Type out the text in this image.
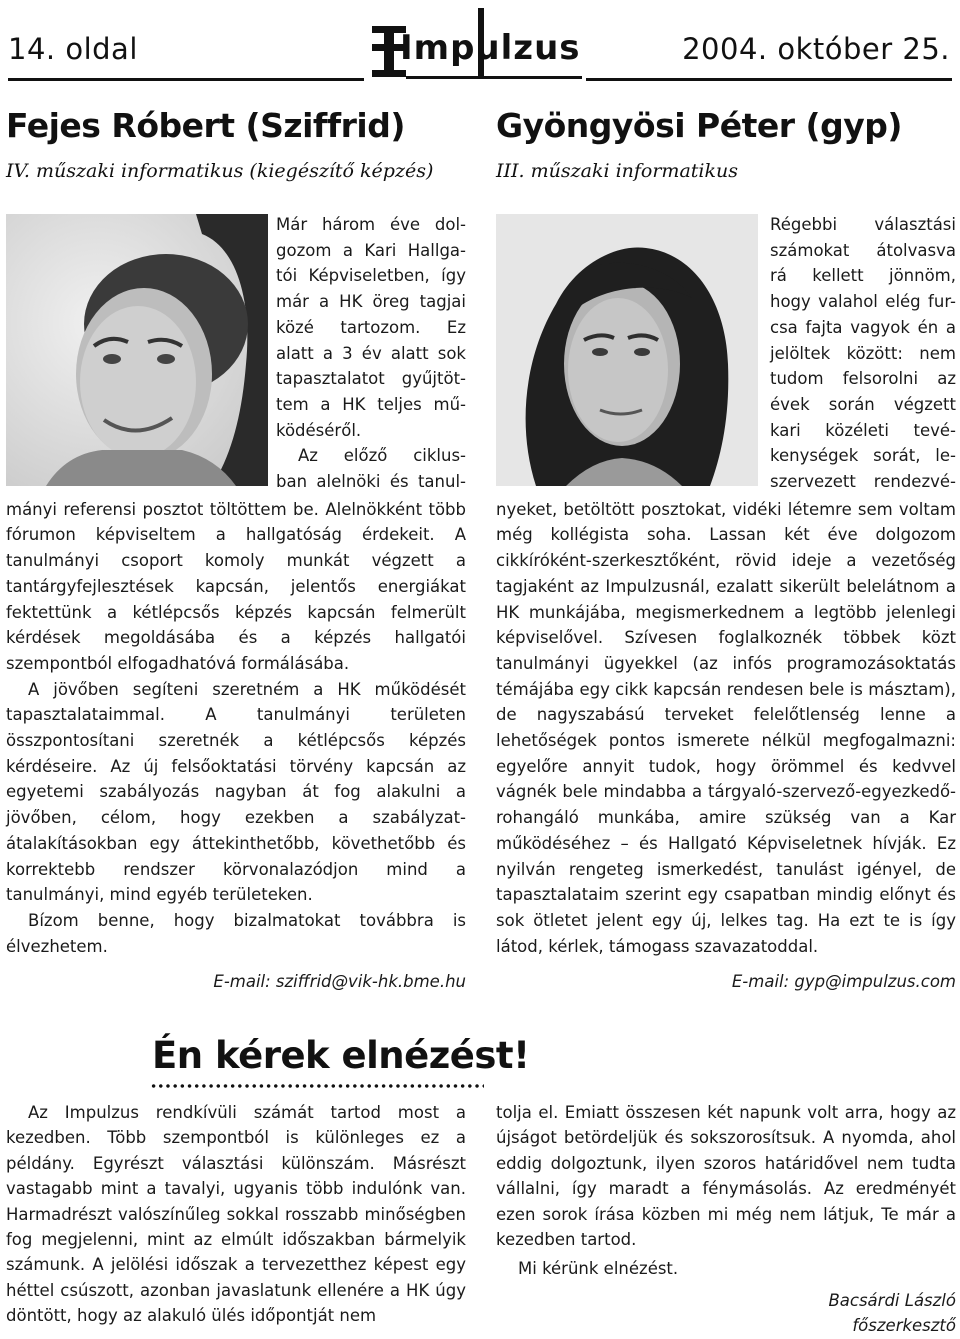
14. oldal	Impulzus	2004. október 25.
Fejes Róbert (Sziffrid)
IV. műszaki informatikus (kiegészítő képzés)
Már három éve dol-
gozom a Kari Hallga-
tói Képviseletben, így
már a HK öreg tagjai
közé tartozom. Ez
alatt a 3 év alatt sok
tapasztalatot gyűjtöt-
tem a HK teljes mű-
ködéséről.
Az előző ciklus-
ban alelnöki és tanul-

mányi referensi posztot töltöttem be. Alelnökként több fórumon képviseltem a hallgatóság érdekeit. A tanulmányi csoport komoly munkát végzett a tantárgyfejlesztések kapcsán, jelentős energiákat fektettünk a kétlépcsős képzés kapcsán felmerült kérdések megoldásába és a képzés hallgatói szempontból elfogadhatóvá formálásába.

A jövőben segíteni szeretném a HK működését tapasztalataimmal. A tanulmányi területen összpontosítani szeretnék a kétlépcsős képzés kérdéseire. Az új felsőoktatási törvény kapcsán az egyetemi szabályozás nagyban át fog alakulni a jövőben, célom, hogy ezekben a szabályzat-átalakításokban egy áttekinthetőbb, követhetőbb és korrektebb rendszer körvonalazódjon mind a tanulmányi, mind egyéb területeken.

Bízom benne, hogy bizalmatokat továbbra is élvezhetem.

E-mail: sziffrid@vik-hk.bme.hu
Gyöngyösi Péter (gyp)
III. műszaki informatikus
Régebbi választási
számokat átolvasva
rá kellett jönnöm,
hogy valahol elég fur-
csa fajta vagyok én a
jelöltek között: nem
tudom felsorolni az
évek során végzett
kari közéleti tevé-
kenységek sorát, le-
szervezett rendezvé-

nyeket, betöltött posztokat, vidéki létemre sem voltam még kollégista soha. Lassan két éve dolgozom cikkíróként-szerkesztőként, rövid ideje a vezetőség tagjaként az Impulzusnál, ezalatt sikerült belelátnom a HK munkájába, megismerkednem a legtöbb jelenlegi képviselővel. Szívesen foglalkoznék többek közt tanulmányi ügyekkel (az infós programozásoktatás témájába egy cikk kapcsán rendesen bele is másztam), de nagyszabású terveket felelőtlenség lenne a lehetőségek pontos ismerete nélkül megfogalmazni: egyelőre annyit tudok, hogy örömmel és kedvvel vágnék bele mindabba a tárgyaló-szervező-egyezkedő-rohangáló munkába, amire szükség van a Kar működéséhez – és Hallgató Képviseletnek hívják. Ez nyilván rengeteg ismerkedést, tanulást igényel, de tapasztalataim szerint egy csapatban mindig előnyt és sok ötletet jelent egy új, lelkes tag. Ha ezt te is így látod, kérlek, támogass szavazatoddal.

E-mail: gyp@impulzus.com
Én kérek elnézést!

Az Impulzus rendkívüli számát tartod most a kezedben. Több szempontból is különleges ez a példány. Egyrészt választási különszám. Másrészt vastagabb mint a tavalyi, ugyanis több indulónk van. Harmadrészt valószínűleg sokkal rosszabb minőségben fog megjelenni, mint az elmúlt időszakban bármelyik számunk. A jelölési időszak a tervezetthez képest egy héttel csúszott, azonban javaslatunk ellenére a HK úgy döntött, hogy az alakuló ülés időpontját nem

tolja el. Emiatt összesen két napunk volt arra, hogy az újságot betördeljük és sokszorosítsuk. A nyomda, ahol eddig dolgoztunk, ilyen szoros határidővel nem tudta vállalni, így maradt a fénymásolás. Az eredményét ezen sorok írása közben mi még nem látjuk, Te már a kezedben tartod.

Mi kérünk elnézést.

Bacsárdi László
főszerkesztő
